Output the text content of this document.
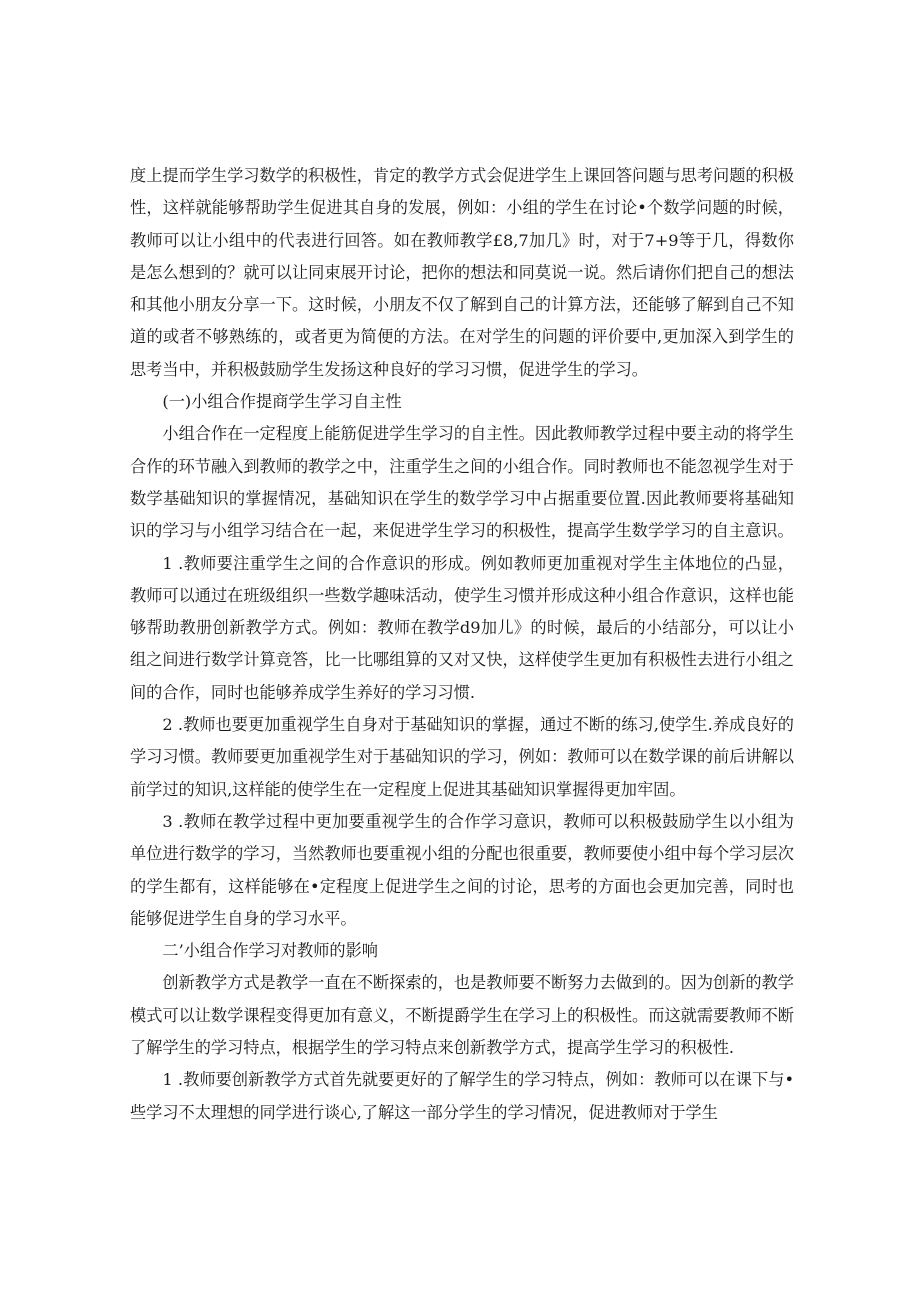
度上提而学生学习数学的积极性，肯定的教学方式会促进学生上课回答问题与思考问题的积极性，这样就能够帮助学生促进其自身的发展，例如：小组的学生在讨论•个数学问题的时候，教师可以让小组中的代表进行回答。如在教师教学£8,7加几》时，对于7+9等于几，得数你是怎么想到的？就可以让同束展开讨论，把你的想法和同莫说一说。然后请你们把自己的想法和其他小朋友分享一下。这时候，小朋友不仅了解到自己的计算方法，还能够了解到自己不知道的或者不够熟练的，或者更为简便的方法。在对学生的问题的评价要中,更加深入到学生的思考当中，并积极鼓励学生发扬这种良好的学习习惯，促进学生的学习。

(一)小组合作提商学生学习自主性

小组合作在一定程度上能筋促进学生学习的自主性。因此教师教学过程中要主动的将学生合作的环节融入到教师的教学之中，注重学生之间的小组合作。同时教师也不能忽视学生对于数学基础知识的掌握情况，基础知识在学生的数学学习中占据重要位置.因此教师要将基础知识的学习与小组学习结合在一起，来促进学生学习的积极性，提高学生数学学习的自主意识。

1 .教师要注重学生之间的合作意识的形成。例如教师更加重视对学生主体地位的凸显，教师可以通过在班级组织一些数学趣味活动，使学生习惯并形成这种小组合作意识，这样也能够帮助教册创新教学方式。例如：教师在教学d9加儿》的时候，最后的小结部分，可以让小组之间进行数学计算竞答，比一比哪组算的又对又快，这样使学生更加有积极性去进行小组之间的合作，同时也能够养成学生养好的学习习惯.

2 .教师也要更加重视学生自身对于基础知识的掌握，通过不断的练习,使学生.养成良好的学习习惯。教师要更加重视学生对于基础知识的学习，例如：教师可以在数学课的前后讲解以前学过的知识,这样能的使学生在一定程度上促进其基础知识掌握得更加牢固。

3 .教师在教学过程中更加要重视学生的合作学习意识，教师可以积极鼓励学生以小组为单位进行数学的学习，当然教师也要重视小组的分配也很重要，教师要使小组中每个学习层次的学生都有，这样能够在•定程度上促进学生之间的讨论，思考的方面也会更加完善，同时也能够促进学生自身的学习水平。

二’小组合作学习对教师的影响

创新教学方式是教学一直在不断探索的，也是教师要不断努力去做到的。因为创新的教学模式可以让数学课程变得更加有意义，不断提爵学生在学习上的积极性。而这就需要教师不断了解学生的学习特点，根据学生的学习特点来创新教学方式，提高学生学习的积极性.

1 .教师要创新教学方式首先就要更好的了解学生的学习特点，例如：教师可以在课下与•些学习不太理想的同学进行谈心,了解这一部分学生的学习情况，促进教师对于学生
